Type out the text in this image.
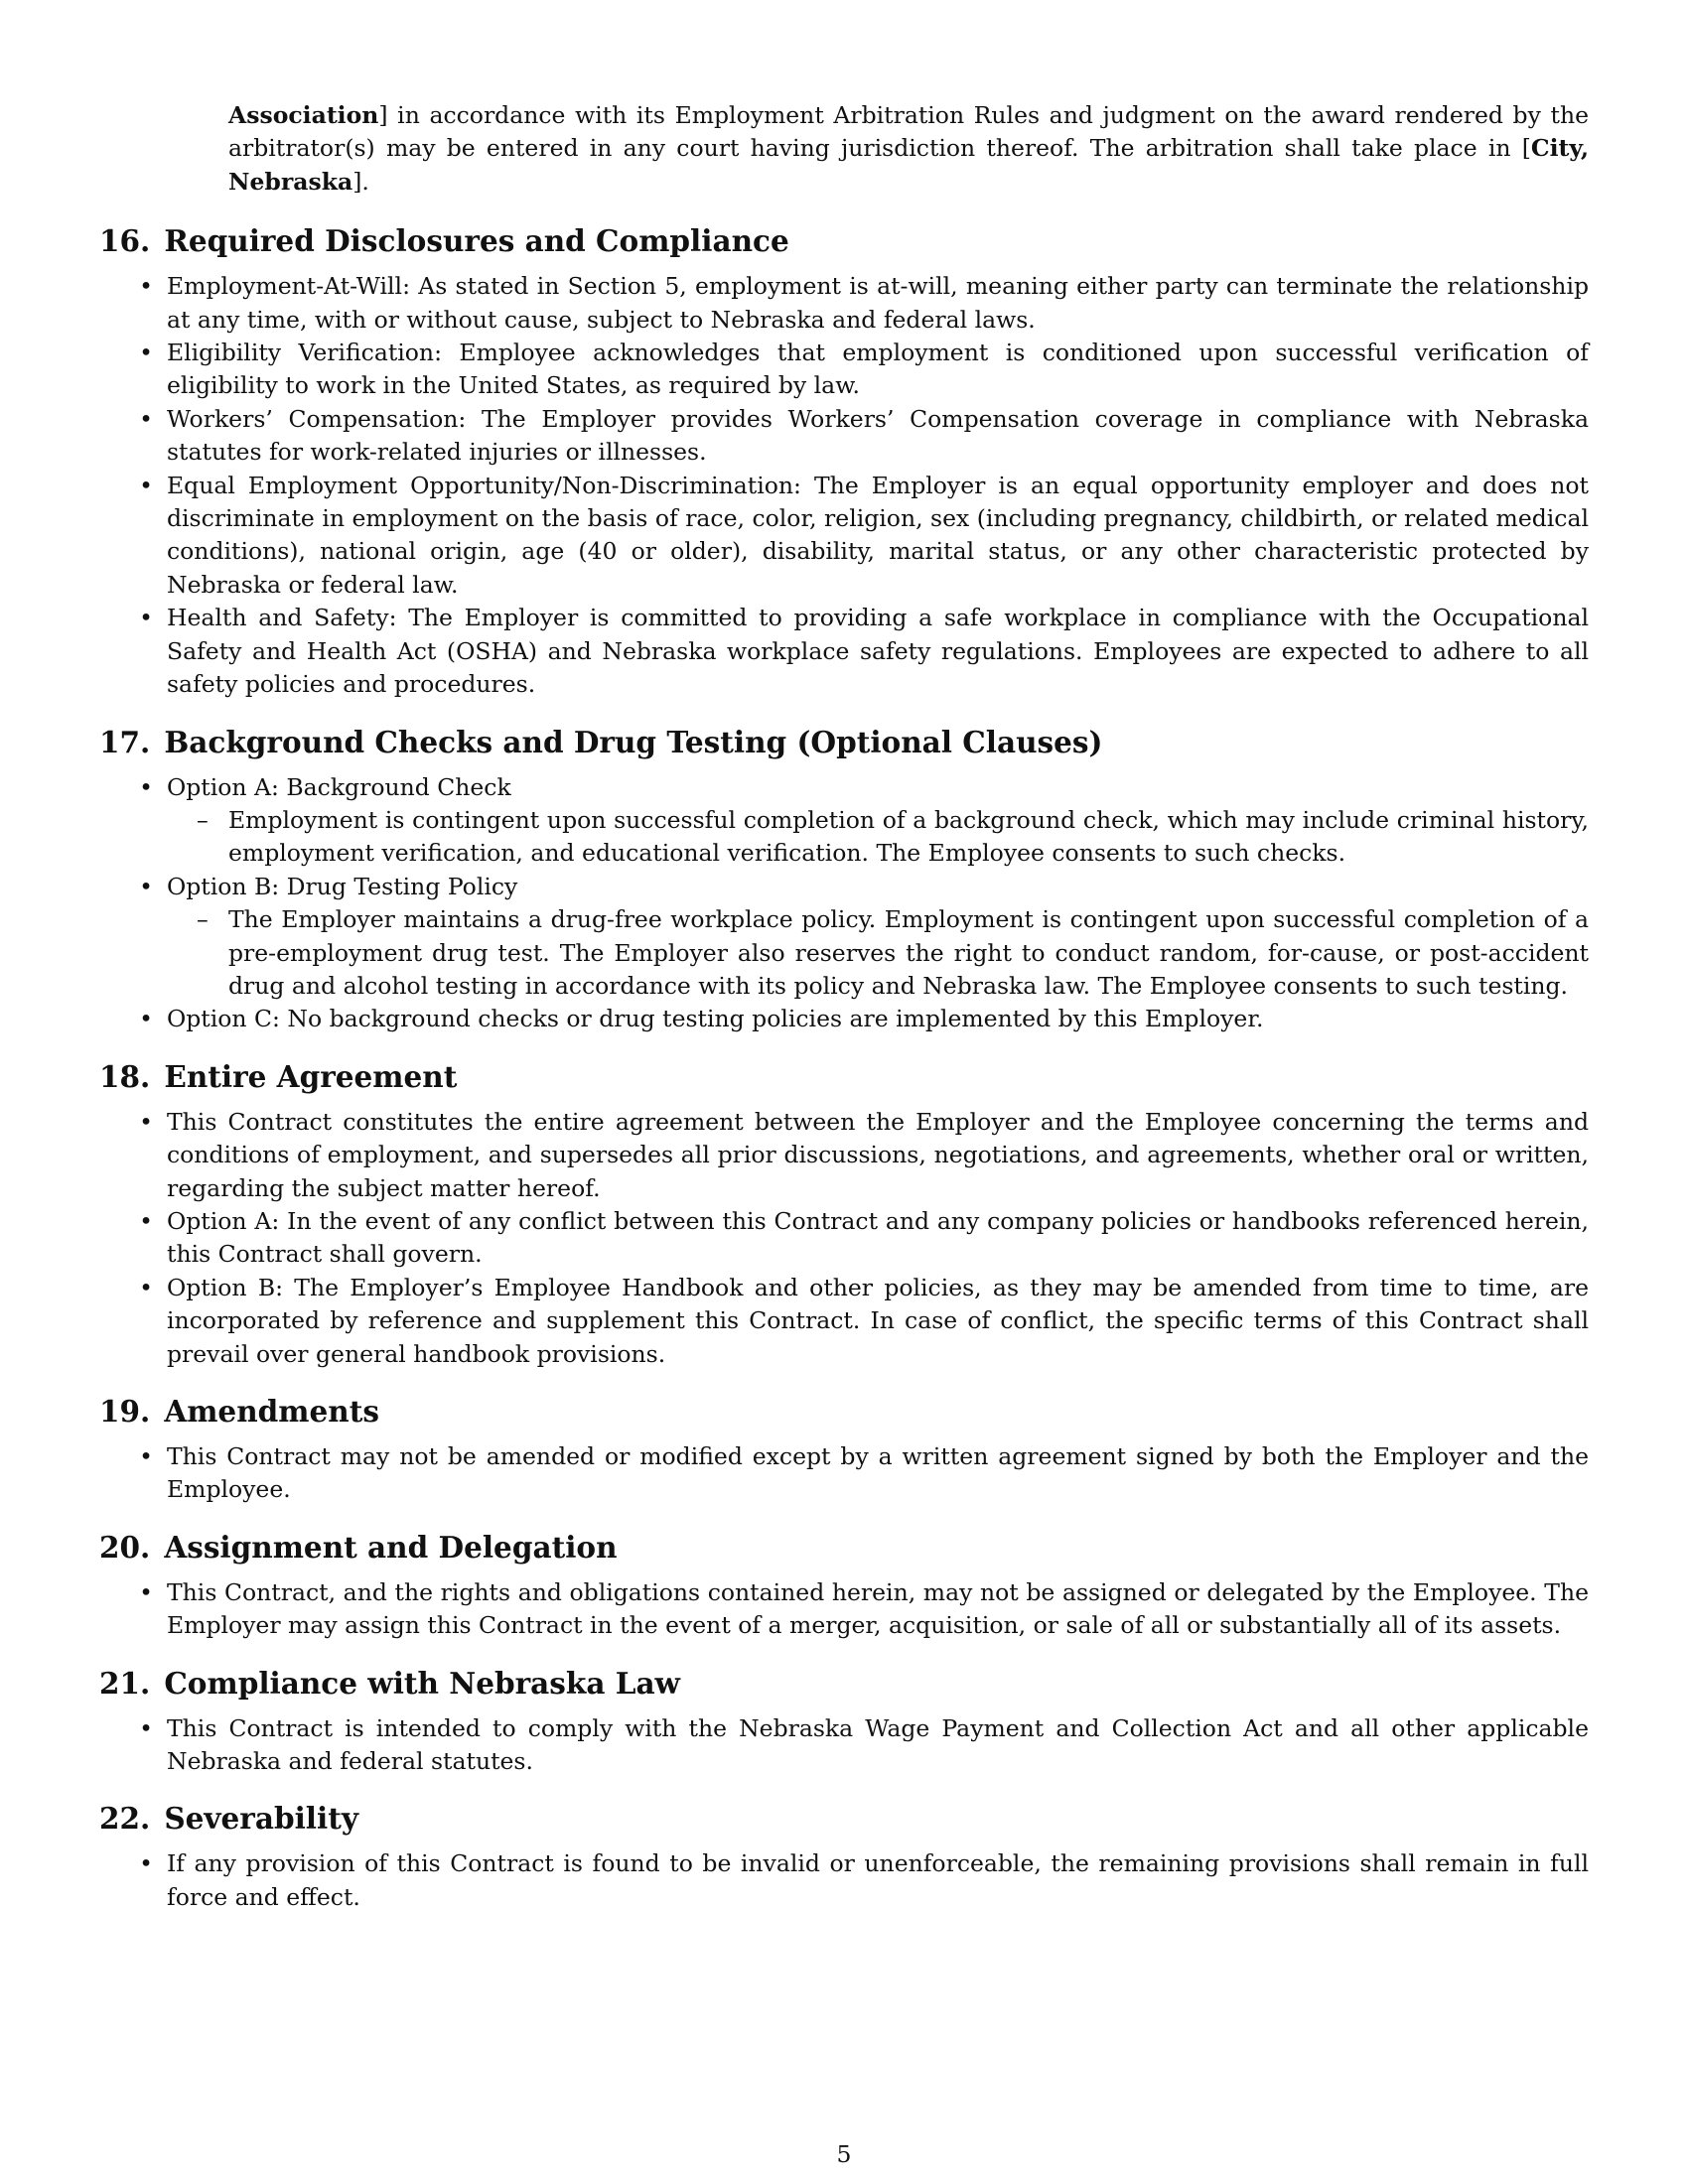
Association] in accordance with its Employment Arbitration Rules and judgment on the award rendered by the arbitrator(s) may be entered in any court having jurisdiction thereof. The arbitration shall take place in [City, Nebraska].
16. Required Disclosures and Compliance
• Employment-At-Will: As stated in Section 5, employment is at-will, meaning either party can terminate the relationship at any time, with or without cause, subject to Nebraska and federal laws.
• Eligibility Verification: Employee acknowledges that employment is conditioned upon successful verification of eligibility to work in the United States, as required by law.
• Workers’ Compensation: The Employer provides Workers’ Compensation coverage in compliance with Nebraska statutes for work-related injuries or illnesses.
• Equal Employment Opportunity/Non-Discrimination: The Employer is an equal opportunity employer and does not discriminate in employment on the basis of race, color, religion, sex (including pregnancy, childbirth, or related medical conditions), national origin, age (40 or older), disability, marital status, or any other characteristic protected by Nebraska or federal law.
• Health and Safety: The Employer is committed to providing a safe workplace in compliance with the Occupational Safety and Health Act (OSHA) and Nebraska workplace safety regulations. Employees are expected to adhere to all safety policies and procedures.
17. Background Checks and Drug Testing (Optional Clauses)
• Option A: Background Check
– Employment is contingent upon successful completion of a background check, which may include criminal history, employment verification, and educational verification. The Employee consents to such checks.
• Option B: Drug Testing Policy
– The Employer maintains a drug-free workplace policy. Employment is contingent upon successful completion of a pre-employment drug test. The Employer also reserves the right to conduct random, for-cause, or post-accident drug and alcohol testing in accordance with its policy and Nebraska law. The Employee consents to such testing.
• Option C: No background checks or drug testing policies are implemented by this Employer.
18. Entire Agreement
• This Contract constitutes the entire agreement between the Employer and the Employee concerning the terms and conditions of employment, and supersedes all prior discussions, negotiations, and agreements, whether oral or written, regarding the subject matter hereof.
• Option A: In the event of any conflict between this Contract and any company policies or handbooks referenced herein, this Contract shall govern.
• Option B: The Employer’s Employee Handbook and other policies, as they may be amended from time to time, are incorporated by reference and supplement this Contract. In case of conflict, the specific terms of this Contract shall prevail over general handbook provisions.
19. Amendments
• This Contract may not be amended or modified except by a written agreement signed by both the Employer and the Employee.
20. Assignment and Delegation
• This Contract, and the rights and obligations contained herein, may not be assigned or delegated by the Employee. The Employer may assign this Contract in the event of a merger, acquisition, or sale of all or substantially all of its assets.
21. Compliance with Nebraska Law
• This Contract is intended to comply with the Nebraska Wage Payment and Collection Act and all other applicable Nebraska and federal statutes.
22. Severability
• If any provision of this Contract is found to be invalid or unenforceable, the remaining provisions shall remain in full force and effect.
5
